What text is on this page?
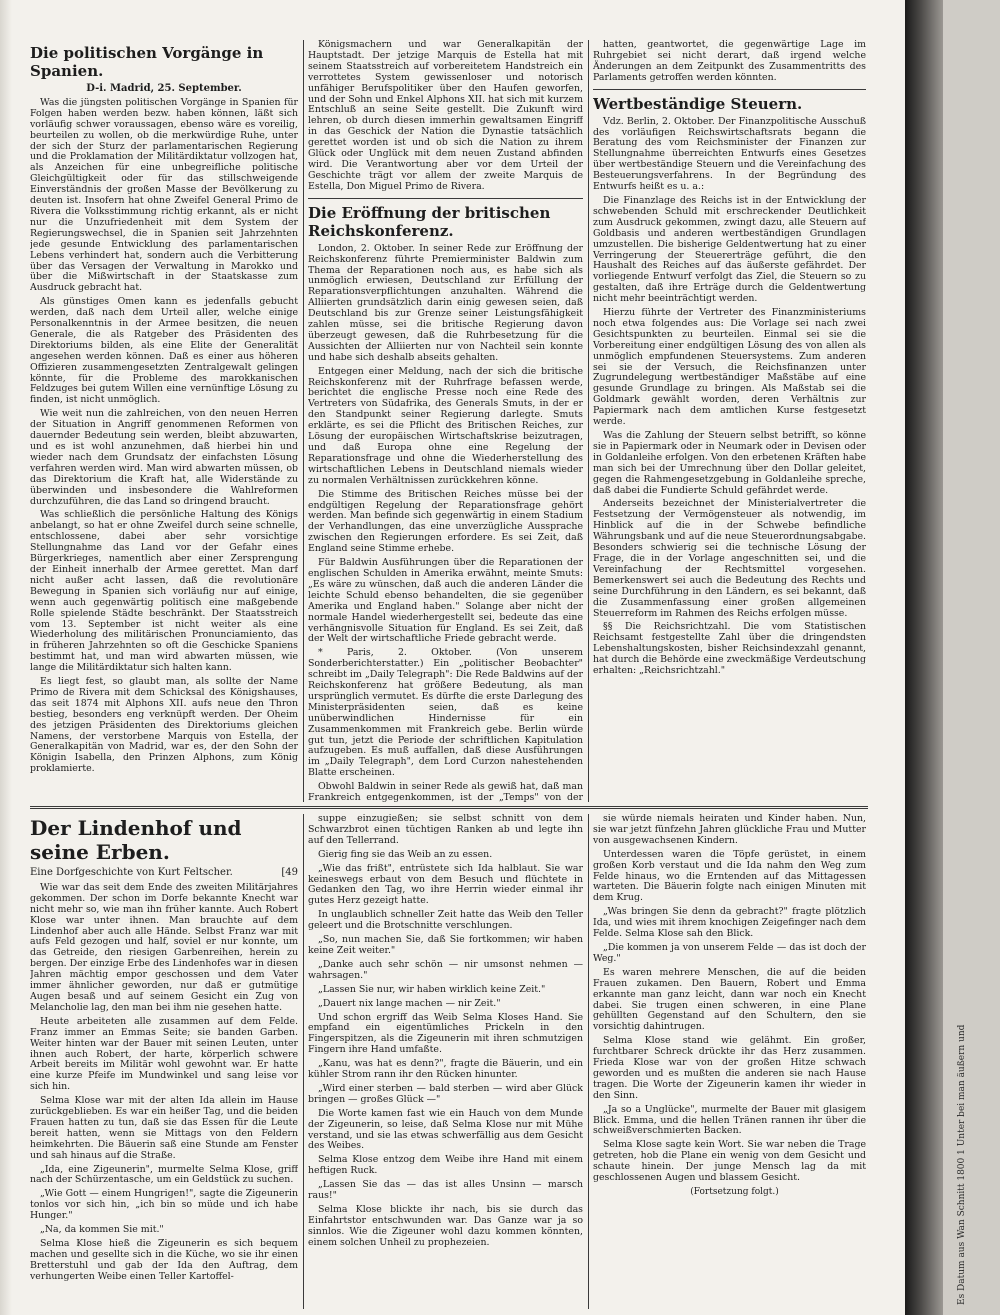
Die politischen Vorgänge in Spanien.
D-i. Madrid, 25. September.

Was die jüngsten politischen Vorgänge in Spanien für Folgen haben werden bezw. haben können, läßt sich vorläufig schwer voraussagen, ebenso wäre es voreilig, beurteilen zu wollen, ob die merkwürdige Ruhe, unter der sich der Sturz der parlamentarischen Regierung und die Proklamation der Militärdiktatur vollzogen hat, als Anzeichen für eine unbegreifliche politische Gleichgültigkeit oder für das stillschweigende Einverständnis der großen Masse der Bevölkerung zu deuten ist. Insofern hat ohne Zweifel General Primo de Rivera die Volksstimmung richtig erkannt, als er nicht nur die Unzufriedenheit mit dem System der Regierungswechsel, die in Spanien seit Jahrzehnten jede gesunde Entwicklung des parlamentarischen Lebens verhindert hat, sondern auch die Verbitterung über das Versagen der Verwaltung in Marokko und über die Mißwirtschaft in der Staatskasse zum Ausdruck gebracht hat.

Als günstiges Omen kann es jedenfalls gebucht werden, daß nach dem Urteil aller, welche einige Personalkenntnis in der Armee besitzen, die neuen Generale, die als Ratgeber des Präsidenten des Direktoriums bilden, als eine Elite der Generalität angesehen werden können. Daß es einer aus höheren Offizieren zusammengesetzten Zentralgewalt gelingen könnte, für die Probleme des marokkanischen Feldzuges bei gutem Willen eine vernünftige Lösung zu finden, ist nicht unmöglich.

Wie weit nun die zahlreichen, von den neuen Herren der Situation in Angriff genommenen Reformen von dauernder Bedeutung sein werden, bleibt abzuwarten, und es ist wohl anzunehmen, daß hierbei hin und wieder nach dem Grundsatz der einfachsten Lösung verfahren werden wird. Man wird abwarten müssen, ob das Direktorium die Kraft hat, alle Widerstände zu überwinden und insbesondere die Wahlreformen durchzuführen, die das Land so dringend braucht.

Was schließlich die persönliche Haltung des Königs anbelangt, so hat er ohne Zweifel durch seine schnelle, entschlossene, dabei aber sehr vorsichtige Stellungnahme das Land vor der Gefahr eines Bürgerkrieges, namentlich aber einer Zersprengung der Einheit innerhalb der Armee gerettet. Man darf nicht außer acht lassen, daß die revolutionäre Bewegung in Spanien sich vorläufig nur auf einige, wenn auch gegenwärtig politisch eine maßgebende Rolle spielende Städte beschränkt. Der Staatsstreich vom 13. September ist nicht weiter als eine Wiederholung des militärischen Pronunciamiento, das in früheren Jahrzehnten so oft die Geschicke Spaniens bestimmt hat, und man wird abwarten müssen, wie lange die Militärdiktatur sich halten kann.

Es liegt fest, so glaubt man, als sollte der Name Primo de Rivera mit dem Schicksal des Königshauses, das seit 1874 mit Alphons XII. aufs neue den Thron bestieg, besonders eng verknüpft werden. Der Oheim des jetzigen Präsidenten des Direktoriums gleichen Namens, der verstorbene Marquis von Estella, der Generalkapitän von Madrid, war es, der den Sohn der Königin Isabella, den Prinzen Alphons, zum König proklamierte.

Königsmachern und war Generalkapitän der Hauptstadt. Der jetzige Marquis de Estella hat mit seinem Staatsstreich auf vorbereitetem Handstreich ein verrottetes System gewissenloser und notorisch unfähiger Berufspolitiker über den Haufen geworfen, und der Sohn und Enkel Alphons XII. hat sich mit kurzem Entschluß an seine Seite gestellt. Die Zukunft wird lehren, ob durch diesen immerhin gewaltsamen Eingriff in das Geschick der Nation die Dynastie tatsächlich gerettet worden ist und ob sich die Nation zu ihrem Glück oder Unglück mit dem neuen Zustand abfinden wird. Die Verantwortung aber vor dem Urteil der Geschichte trägt vor allem der zweite Marquis de Estella, Don Miguel Primo de Rivera.

Die Eröffnung der britischen Reichskonferenz.

London, 2. Oktober. In seiner Rede zur Eröffnung der Reichskonferenz führte Premierminister Baldwin zum Thema der Reparationen noch aus, es habe sich als unmöglich erwiesen, Deutschland zur Erfüllung der Reparationsverpflichtungen anzuhalten. Während die Alliierten grundsätzlich darin einig gewesen seien, daß Deutschland bis zur Grenze seiner Leistungsfähigkeit zahlen müsse, sei die britische Regierung davon überzeugt gewesen, daß die Ruhrbesetzung für die Aussichten der Alliierten nur von Nachteil sein konnte und habe sich deshalb abseits gehalten.

Entgegen einer Meldung, nach der sich die britische Reichskonferenz mit der Ruhrfrage befassen werde, berichtet die englische Presse noch eine Rede des Vertreters von Südafrika, des Generals Smuts, in der er den Standpunkt seiner Regierung darlegte. Smuts erklärte, es sei die Pflicht des Britischen Reiches, zur Lösung der europäischen Wirtschaftskrise beizutragen, und daß Europa ohne eine Regelung der Reparationsfrage und ohne die Wiederherstellung des wirtschaftlichen Lebens in Deutschland niemals wieder zu normalen Verhältnissen zurückkehren könne.

Die Stimme des Britischen Reiches müsse bei der endgültigen Regelung der Reparationsfrage gehört werden. Man befinde sich gegenwärtig in einem Stadium der Verhandlungen, das eine unverzügliche Aussprache zwischen den Regierungen erfordere. Es sei Zeit, daß England seine Stimme erhebe.

Für Baldwin Ausführungen über die Reparationen der englischen Schulden in Amerika erwähnt, meinte Smuts: „Es wäre zu wünschen, daß auch die anderen Länder die leichte Schuld ebenso behandelten, die sie gegenüber Amerika und England haben." Solange aber nicht der normale Handel wiederhergestellt sei, bedeute das eine verhängnisvolle Situation für England. Es sei Zeit, daß der Welt der wirtschaftliche Friede gebracht werde.

* Paris, 2. Oktober. (Von unserem Sonderberichterstatter.) Ein „politischer Beobachter" schreibt im „Daily Telegraph": Die Rede Baldwins auf der Reichskonferenz hat größere Bedeutung, als man ursprünglich vermutet. Es dürfte die erste Darlegung des Ministerpräsidenten seien, daß es keine unüberwindlichen Hindernisse für ein Zusammenkommen mit Frankreich gebe. Berlin würde gut tun, jetzt die Periode der schriftlichen Kapitulation aufzugeben. Es muß auffallen, daß diese Ausführungen im „Daily Telegraph", dem Lord Curzon nahestehenden Blatte erscheinen.

Obwohl Baldwin in seiner Rede als gewiß hat, daß man Frankreich entgegenkommen, ist der „Temps" von der

hatten, geantwortet, die gegenwärtige Lage im Ruhrgebiet sei nicht derart, daß irgend welche Änderungen an dem Zeitpunkt des Zusammentritts des Parlaments getroffen werden könnten.

Wertbeständige Steuern.

Vdz. Berlin, 2. Oktober. Der Finanzpolitische Ausschuß des vorläufigen Reichswirtschaftsrats begann die Beratung des vom Reichsminister der Finanzen zur Stellungnahme überreichten Entwurfs eines Gesetzes über wertbeständige Steuern und die Vereinfachung des Besteuerungsverfahrens. In der Begründung des Entwurfs heißt es u. a.:

Die Finanzlage des Reichs ist in der Entwicklung der schwebenden Schuld mit erschreckender Deutlichkeit zum Ausdruck gekommen, zwingt dazu, alle Steuern auf Goldbasis und anderen wertbeständigen Grundlagen umzustellen. Die bisherige Geldentwertung hat zu einer Verringerung der Steuererträge geführt, die den Haushalt des Reiches auf das äußerste gefährdet. Der vorliegende Entwurf verfolgt das Ziel, die Steuern so zu gestalten, daß ihre Erträge durch die Geldentwertung nicht mehr beeinträchtigt werden.

Hierzu führte der Vertreter des Finanzministeriums noch etwa folgendes aus: Die Vorlage sei nach zwei Gesichtspunkten zu beurteilen. Einmal sei sie die Vorbereitung einer endgültigen Lösung des von allen als unmöglich empfundenen Steuersystems. Zum anderen sei sie der Versuch, die Reichsfinanzen unter Zugrundelegung wertbeständiger Maßstäbe auf eine gesunde Grundlage zu bringen. Als Maßstab sei die Goldmark gewählt worden, deren Verhältnis zur Papiermark nach dem amtlichen Kurse festgesetzt werde.

Was die Zahlung der Steuern selbst betrifft, so könne sie in Papiermark oder in Neumark oder in Devisen oder in Goldanleihe erfolgen. Von den erbetenen Kräften habe man sich bei der Umrechnung über den Dollar geleitet, gegen die Rahmengesetzgebung in Goldanleihe spreche, daß dabei die Fundierte Schuld gefährdet werde.

Anderseits bezeichnet der Ministerialvertreter die Festsetzung der Vermögensteuer als notwendig, im Hinblick auf die in der Schwebe befindliche Währungsbank und auf die neue Steuerordnungsabgabe. Besonders schwierig sei die technische Lösung der Frage, die in der Vorlage angeschnitten sei, und die Vereinfachung der Rechtsmittel vorgesehen. Bemerkenswert sei auch die Bedeutung des Rechts und seine Durchführung in den Ländern, es sei bekannt, daß die Zusammenfassung einer großen allgemeinen Steuerreform im Rahmen des Reichs erfolgen müsse.

§§ Die Reichsrichtzahl. Die vom Statistischen Reichsamt festgestellte Zahl über die dringendsten Lebenshaltungskosten, bisher Reichsindexzahl genannt, hat durch die Behörde eine zweckmäßige Verdeutschung erhalten: „Reichsrichtzahl."

Der Lindenhof und seine Erben.
Eine Dorfgeschichte von Kurt Feltscher.	[49

Wie war das seit dem Ende des zweiten Militärjahres gekommen. Der schon im Dorfe bekannte Knecht war nicht mehr so, wie man ihn früher kannte. Auch Robert Klose war unter ihnen. Man brauchte auf dem Lindenhof aber auch alle Hände. Selbst Franz war mit aufs Feld gezogen und half, soviel er nur konnte, um das Getreide, den riesigen Garbenreihen, herein zu bergen. Der einzige Erbe des Lindenhofes war in diesen Jahren mächtig empor geschossen und dem Vater immer ähnlicher geworden, nur daß er gutmütige Augen besaß und auf seinem Gesicht ein Zug von Melancholie lag, den man bei ihm nie gesehen hatte.

Heute arbeiteten alle zusammen auf dem Felde. Franz immer an Emmas Seite; sie banden Garben. Weiter hinten war der Bauer mit seinen Leuten, unter ihnen auch Robert, der harte, körperlich schwere Arbeit bereits im Militär wohl gewohnt war. Er hatte eine kurze Pfeife im Mundwinkel und sang leise vor sich hin.

Selma Klose war mit der alten Ida allein im Hause zurückgeblieben. Es war ein heißer Tag, und die beiden Frauen hatten zu tun, daß sie das Essen für die Leute bereit hatten, wenn sie Mittags von den Feldern heimkehrten. Die Bäuerin saß eine Stunde am Fenster und sah hinaus auf die Straße.

„Ida, eine Zigeunerin", murmelte Selma Klose, griff nach der Schürzentasche, um ein Geldstück zu suchen.

„Wie Gott — einem Hungrigen!", sagte die Zigeunerin tonlos vor sich hin, „ich bin so müde und ich habe Hunger."

„Na, da kommen Sie mit."

Selma Klose hieß die Zigeunerin es sich bequem machen und gesellte sich in die Küche, wo sie ihr einen Bretterstuhl und gab der Ida den Auftrag, dem verhungerten Weibe einen Teller Kartoffel-

suppe einzugießen; sie selbst schnitt von dem Schwarzbrot einen tüchtigen Ranken ab und legte ihn auf den Tellerrand.

Gierig fing sie das Weib an zu essen.

„Wie das frißt", entrüstete sich Ida halblaut. Sie war keineswegs erbaut von dem Besuch und flüchtete in Gedanken den Tag, wo ihre Herrin wieder einmal ihr gutes Herz gezeigt hatte.

In unglaublich schneller Zeit hatte das Weib den Teller geleert und die Brotschnitte verschlungen.

„So, nun machen Sie, daß Sie fortkommen; wir haben keine Zeit weiter."

„Danke auch sehr schön — nir umsonst nehmen — wahrsagen."

„Lassen Sie nur, wir haben wirklich keine Zeit."

„Dauert nix lange machen — nir Zeit."

Und schon ergriff das Weib Selma Kloses Hand. Sie empfand ein eigentümliches Prickeln in den Fingerspitzen, als die Zigeunerin mit ihren schmutzigen Fingern ihre Hand umfaßte.

„Kanu, was hat es denn?", fragte die Bäuerin, und ein kühler Strom rann ihr den Rücken hinunter.

„Wird einer sterben — bald sterben — wird aber Glück bringen — großes Glück —"

Die Worte kamen fast wie ein Hauch von dem Munde der Zigeunerin, so leise, daß Selma Klose nur mit Mühe verstand, und sie las etwas schwerfällig aus dem Gesicht des Weibes.

Selma Klose entzog dem Weibe ihre Hand mit einem heftigen Ruck.

„Lassen Sie das — das ist alles Unsinn — marsch raus!"

Selma Klose blickte ihr nach, bis sie durch das Einfahrtstor entschwunden war. Das Ganze war ja so sinnlos. Wie die Zigeuner wohl dazu kommen könnten, einem solchen Unheil zu prophezeien.

sie würde niemals heiraten und Kinder haben. Nun, sie war jetzt fünfzehn Jahren glückliche Frau und Mutter von ausgewachsenen Kindern.

Unterdessen waren die Töpfe gerüstet, in einem großen Korb verstaut und die Ida nahm den Weg zum Felde hinaus, wo die Erntenden auf das Mittagessen warteten. Die Bäuerin folgte nach einigen Minuten mit dem Krug.

„Was bringen Sie denn da gebracht?" fragte plötzlich Ida, und wies mit ihrem knochigen Zeigefinger nach dem Felde. Selma Klose sah den Blick.

„Die kommen ja von unserem Felde — das ist doch der Weg."

Es waren mehrere Menschen, die auf die beiden Frauen zukamen. Den Bauern, Robert und Emma erkannte man ganz leicht, dann war noch ein Knecht dabei. Sie trugen einen schweren, in eine Plane gehüllten Gegenstand auf den Schultern, den sie vorsichtig dahintrugen.

Selma Klose stand wie gelähmt. Ein großer, furchtbarer Schreck drückte ihr das Herz zusammen. Frieda Klose war von der großen Hitze schwach geworden und es mußten die anderen sie nach Hause tragen. Die Worte der Zigeunerin kamen ihr wieder in den Sinn.

„Ja so a Unglücke", murmelte der Bauer mit glasigem Blick. Emma, und die hellen Tränen rannen ihr über die schweißverschmierten Backen.

Selma Klose sagte kein Wort. Sie war neben die Trage getreten, hob die Plane ein wenig von dem Gesicht und schaute hinein. Der junge Mensch lag da mit geschlossenen Augen und blassem Gesicht.

(Fortsetzung folgt.)	Es Datum aus Wan Schnitt 1800 1 Unter bei man äußern und
